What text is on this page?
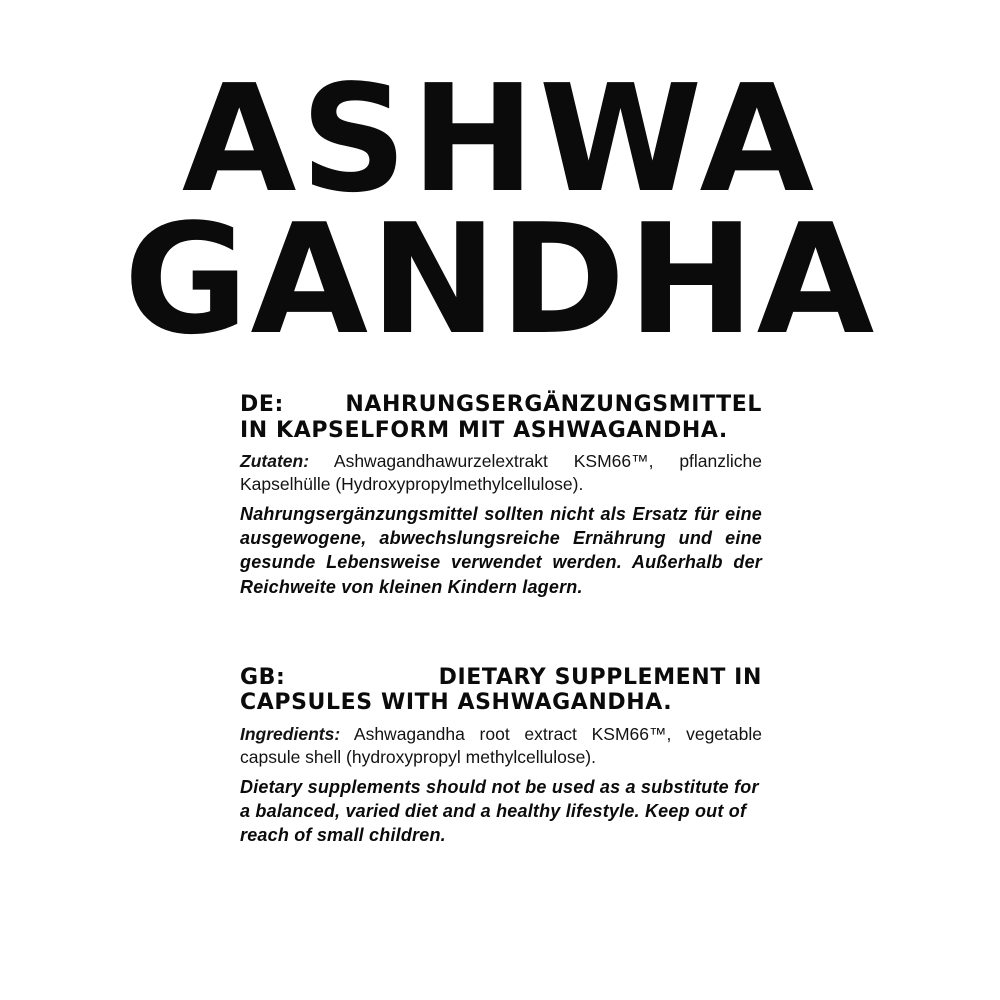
ASHWA
GANDHA
DE:	NAHRUNGSERGÄNZUNGSMITTEL
IN KAPSELFORM MIT ASHWAGANDHA.

Zutaten: Ashwagandhawurzelextrakt KSM66™, pflanzliche Kapselhülle (Hydroxypropylmethylcellulose).

Nahrungsergänzungsmittel sollten nicht als Ersatz für eine ausgewogene, abwechslungsreiche Ernährung und eine gesunde Lebensweise verwendet werden. Außerhalb der Reichweite von kleinen Kindern lagern.

GB:	DIETARY SUPPLEMENT IN
CAPSULES WITH ASHWAGANDHA.

Ingredients: Ashwagandha root extract KSM66™, vegetable capsule shell (hydroxypropyl methylcellulose).

Dietary supplements should not be used as a substitute for a balanced, varied diet and a healthy lifestyle. Keep out of reach of small children.
